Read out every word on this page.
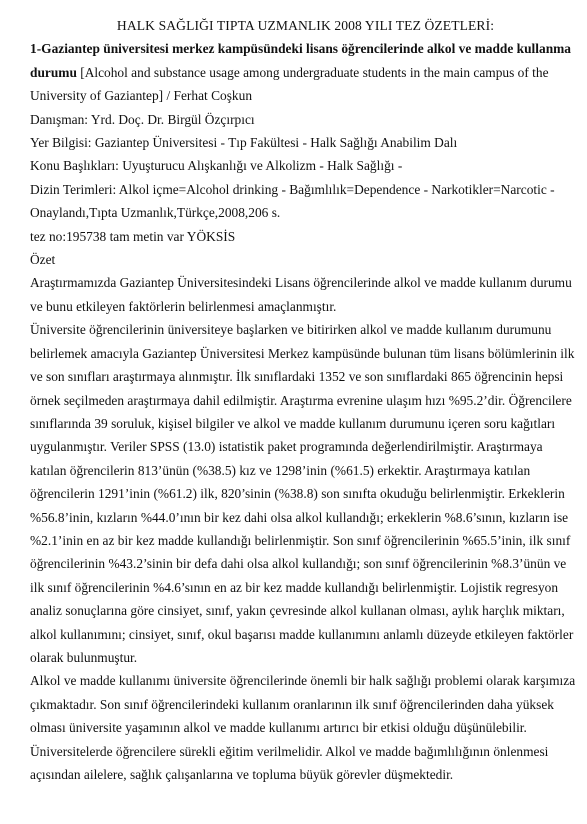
HALK SAĞLIĞI TIPTA UZMANLIK 2008 YILI TEZ ÖZETLERİ:

1-Gaziantep üniversitesi merkez kampüsündeki lisans öğrencilerinde alkol ve madde kullanma durumu [Alcohol and substance usage among undergraduate students in the main campus of the University of Gaziantep] / Ferhat Coşkun

Danışman: Yrd. Doç. Dr. Birgül Özçırpıcı

Yer Bilgisi: Gaziantep Üniversitesi - Tıp Fakültesi - Halk Sağlığı Anabilim Dalı

Konu Başlıkları: Uyuşturucu Alışkanlığı ve Alkolizm - Halk Sağlığı -

Dizin Terimleri: Alkol içme=Alcohol drinking - Bağımlılık=Dependence - Narkotikler=Narcotic - Onaylandı,Tıpta Uzmanlık,Türkçe,2008,206 s.

tez no:195738 tam metin var YÖKSİS

Özet

Araştırmamızda Gaziantep Üniversitesindeki Lisans öğrencilerinde alkol ve madde kullanım durumu ve bunu etkileyen faktörlerin belirlenmesi amaçlanmıştır.

Üniversite öğrencilerinin üniversiteye başlarken ve bitirirken alkol ve madde kullanım durumunu belirlemek amacıyla Gaziantep Üniversitesi Merkez kampüsünde bulunan tüm lisans bölümlerinin ilk ve son sınıfları araştırmaya alınmıştır. İlk sınıflardaki 1352 ve son sınıflardaki 865 öğrencinin hepsi örnek seçilmeden araştırmaya dahil edilmiştir. Araştırma evrenine ulaşım hızı %95.2’dir. Öğrencilere sınıflarında 39 soruluk, kişisel bilgiler ve alkol ve madde kullanım durumunu içeren soru kağıtları uygulanmıştır. Veriler SPSS (13.0) istatistik paket programında değerlendirilmiştir. Araştırmaya katılan öğrencilerin 813’ünün (%38.5) kız ve 1298’inin (%61.5) erkektir. Araştırmaya katılan öğrencilerin 1291’inin (%61.2) ilk, 820’sinin (%38.8) son sınıfta okuduğu belirlenmiştir. Erkeklerin %56.8’inin, kızların %44.0’ının bir kez dahi olsa alkol kullandığı; erkeklerin %8.6’sının, kızların ise %2.1’inin en az bir kez madde kullandığı belirlenmiştir. Son sınıf öğrencilerinin %65.5’inin, ilk sınıf öğrencilerinin %43.2’sinin bir defa dahi olsa alkol kullandığı; son sınıf öğrencilerinin %8.3’ünün ve ilk sınıf öğrencilerinin %4.6’sının en az bir kez madde kullandığı belirlenmiştir. Lojistik regresyon analiz sonuçlarına göre cinsiyet, sınıf, yakın çevresinde alkol kullanan olması, aylık harçlık miktarı, alkol kullanımını; cinsiyet, sınıf, okul başarısı madde kullanımını anlamlı düzeyde etkileyen faktörler olarak bulunmuştur.

Alkol ve madde kullanımı üniversite öğrencilerinde önemli bir halk sağlığı problemi olarak karşımıza çıkmaktadır. Son sınıf öğrencilerindeki kullanım oranlarının ilk sınıf öğrencilerinden daha yüksek olması üniversite yaşamının alkol ve madde kullanımı artırıcı bir etkisi olduğu düşünülebilir. Üniversitelerde öğrencilere sürekli eğitim verilmelidir. Alkol ve madde bağımlılığının önlenmesi açısından ailelere, sağlık çalışanlarına ve topluma büyük görevler düşmektedir.
